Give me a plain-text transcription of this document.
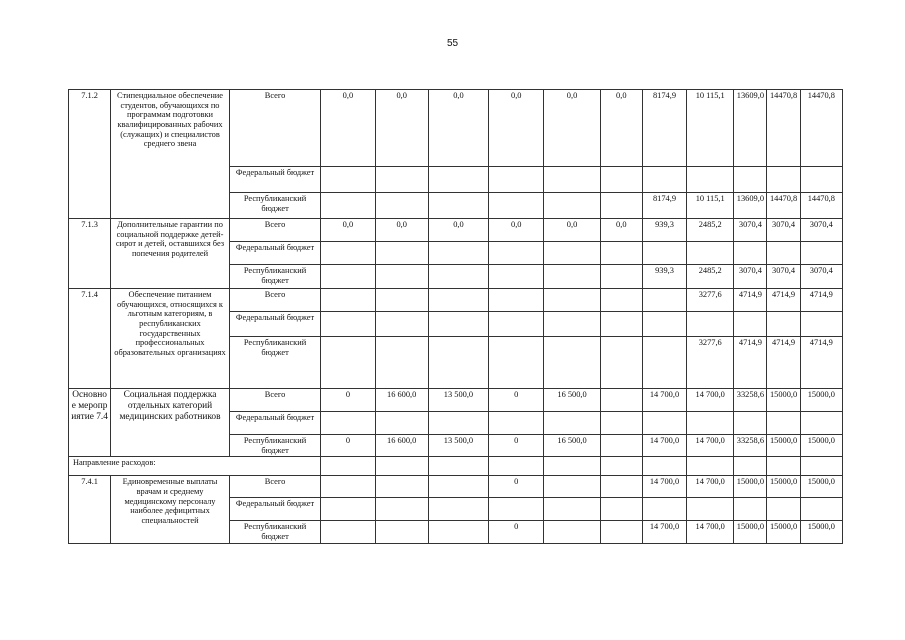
55
7.1.2	Стипендиальное обеспечение студентов, обучающихся по программам подготовки квалифицированных рабочих (служащих) и специалистов среднего звена	Всего	0,0	0,0	0,0	0,0	0,0	0,0	8174,9	10 115,1	13609,0	14470,8	14470,8
		Федеральный бюджет											
		Республиканский бюджет							8174,9	10 115,1	13609,0	14470,8	14470,8
7.1.3	Дополнительные гарантии по социальной поддержке детей-сирот и детей, оставшихся без попечения родителей	Всего	0,0	0,0	0,0	0,0	0,0	0,0	939,3	2485,2	3070,4	3070,4	3070,4
		Федеральный бюджет											
		Республиканский бюджет							939,3	2485,2	3070,4	3070,4	3070,4
7.1.4	Обеспечение питанием обучающихся, относящихся к льготным категориям, в республиканских государственных профессиональных образовательных организациях	Всего								3277,6	4714,9	4714,9	4714,9
		Федеральный бюджет											
		Республиканский бюджет								3277,6	4714,9	4714,9	4714,9
Основное мероприятие 7.4	Социальная поддержка отдельных категорий медицинских работников	Всего	0	16 600,0	13 500,0	0	16 500,0		14 700,0	14 700,0	33258,6	15000,0	15000,0
		Федеральный бюджет											
		Республиканский бюджет	0	16 600,0	13 500,0	0	16 500,0		14 700,0	14 700,0	33258,6	15000,0	15000,0
Направление расходов:													
7.4.1	Единовременные выплаты врачам и среднему медицинскому персоналу наиболее дефицитных специальностей	Всего				0			14 700,0	14 700,0	15000,0	15000,0	15000,0
		Федеральный бюджет											
		Республиканский бюджет				0			14 700,0	14 700,0	15000,0	15000,0	15000,0
